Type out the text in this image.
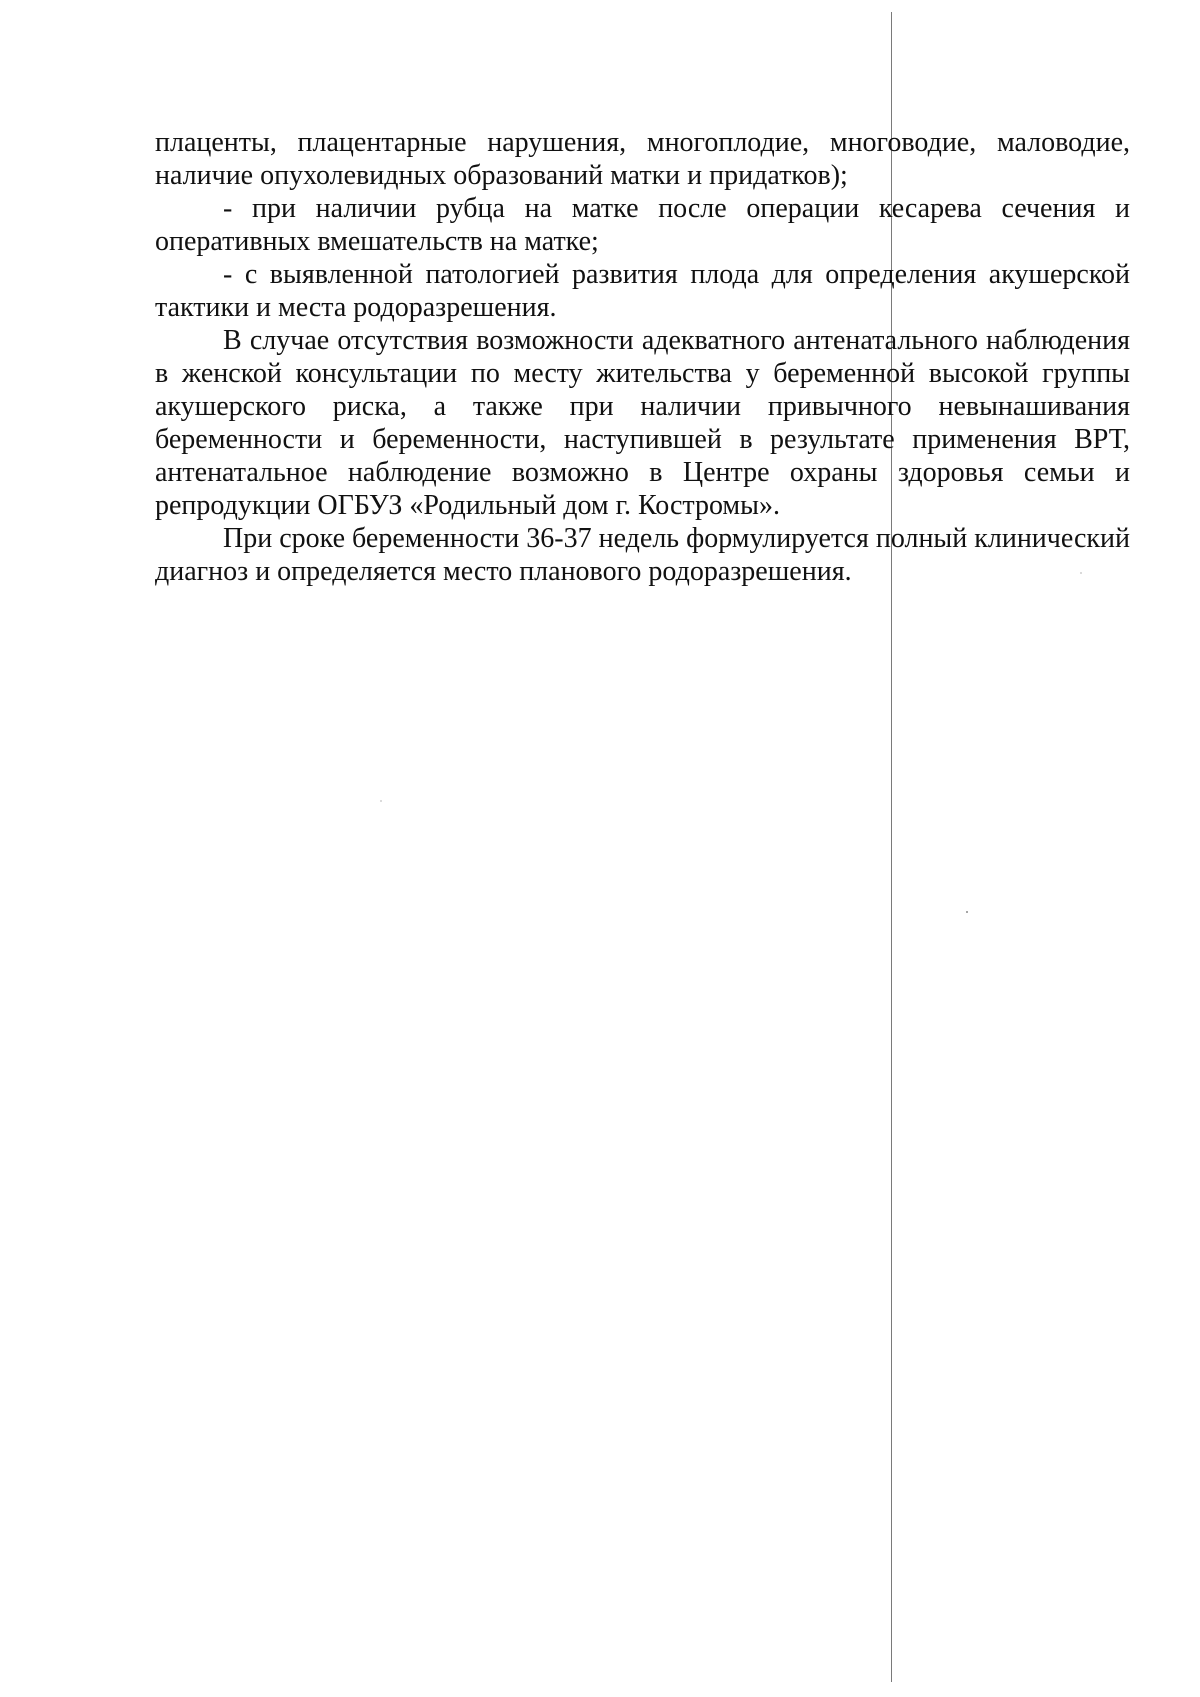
плаценты, плацентарные нарушения, многоплодие, многоводие, маловодие, наличие опухолевидных образований матки и придатков);

- при наличии рубца на матке после операции кесарева сечения и оперативных вмешательств на матке;

- с выявленной патологией развития плода для определения акушерской тактики и места родоразрешения.

В случае отсутствия возможности адекватного антенатального наблюдения в женской консультации по месту жительства у беременной высокой группы акушерского риска, а также при наличии привычного невынашивания беременности и беременности, наступившей в результате применения ВРТ, антенатальное наблюдение возможно в Центре охраны здоровья семьи и репродукции ОГБУЗ «Родильный дом г. Костромы».

При сроке беременности 36-37 недель формулируется полный клинический диагноз и определяется место планового родоразрешения.
